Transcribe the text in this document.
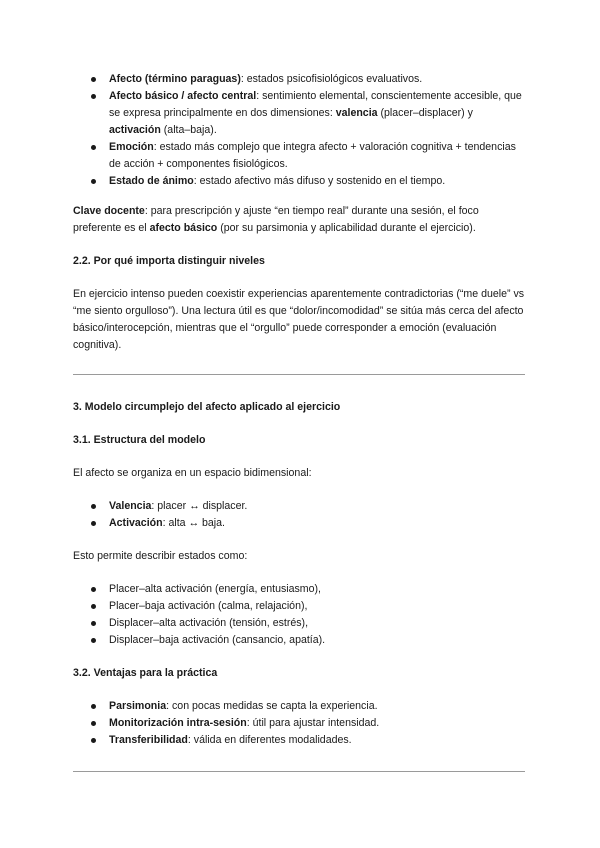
Afecto (término paraguas): estados psicofisiológicos evaluativos.
Afecto básico / afecto central: sentimiento elemental, conscientemente accesible, que se expresa principalmente en dos dimensiones: valencia (placer–displacer) y activación (alta–baja).
Emoción: estado más complejo que integra afecto + valoración cognitiva + tendencias de acción + componentes fisiológicos.
Estado de ánimo: estado afectivo más difuso y sostenido en el tiempo.

Clave docente: para prescripción y ajuste “en tiempo real” durante una sesión, el foco preferente es el afecto básico (por su parsimonia y aplicabilidad durante el ejercicio).

2.2. Por qué importa distinguir niveles

En ejercicio intenso pueden coexistir experiencias aparentemente contradictorias (“me duele” vs “me siento orgulloso”). Una lectura útil es que “dolor/incomodidad” se sitúa más cerca del afecto básico/interocepción, mientras que el “orgullo” puede corresponder a emoción (evaluación cognitiva).

3. Modelo circumplejo del afecto aplicado al ejercicio

3.1. Estructura del modelo

El afecto se organiza en un espacio bidimensional:

Valencia: placer ↔ displacer.
Activación: alta ↔ baja.

Esto permite describir estados como:

Placer–alta activación (energía, entusiasmo),
Placer–baja activación (calma, relajación),
Displacer–alta activación (tensión, estrés),
Displacer–baja activación (cansancio, apatía).

3.2. Ventajas para la práctica

Parsimonia: con pocas medidas se capta la experiencia.
Monitorización intra-sesión: útil para ajustar intensidad.
Transferibilidad: válida en diferentes modalidades.
